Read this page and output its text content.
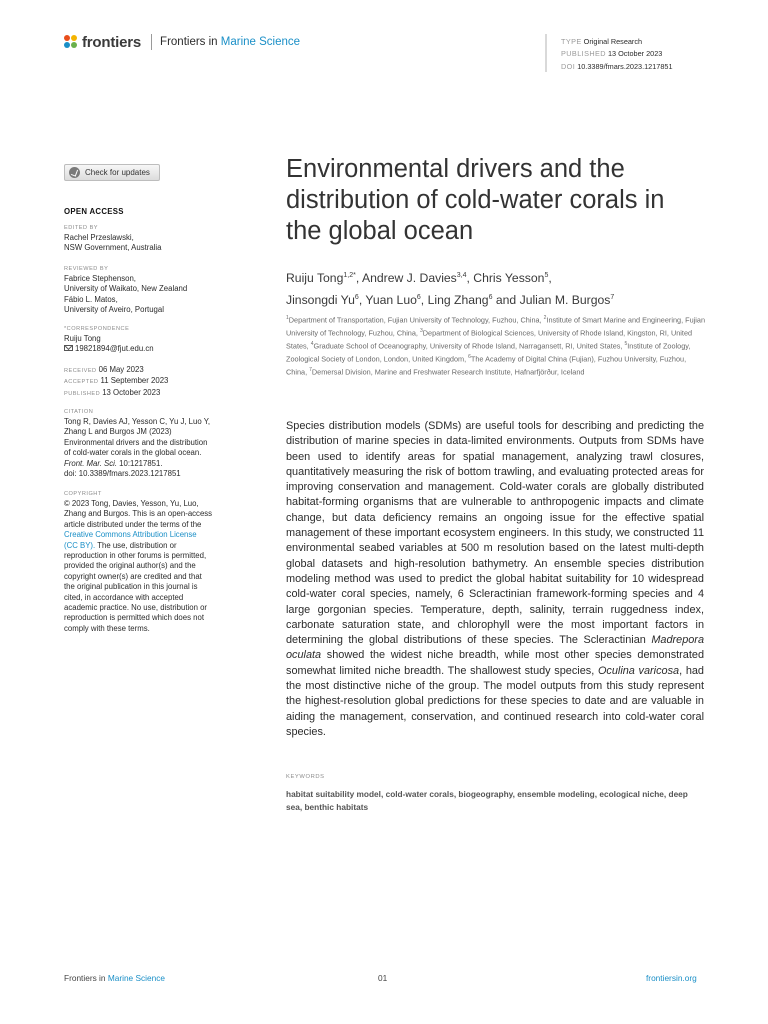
frontiers Frontiers in Marine Science	TYPE Original Research
PUBLISHED 13 October 2023
DOI 10.3389/fmars.2023.1217851
Check for updates
OPEN ACCESS
EDITED BY
Rachel Przeslawski,
NSW Government, Australia
REVIEWED BY
Fabrice Stephenson,
University of Waikato, New Zealand
Fábio L. Matos,
University of Aveiro, Portugal
*CORRESPONDENCE
Ruiju Tong
19821894@fjut.edu.cn
RECEIVED 06 May 2023
ACCEPTED 11 September 2023
PUBLISHED 13 October 2023
CITATION
Tong R, Davies AJ, Yesson C, Yu J, Luo Y,
Zhang L and Burgos JM (2023)
Environmental drivers and the distribution
of cold-water corals in the global ocean.
Front. Mar. Sci. 10:1217851.
doi: 10.3389/fmars.2023.1217851
COPYRIGHT
© 2023 Tong, Davies, Yesson, Yu, Luo,
Zhang and Burgos. This is an open-access
article distributed under the terms of the
Creative Commons Attribution License
(CC BY). The use, distribution or
reproduction in other forums is permitted,
provided the original author(s) and the
copyright owner(s) are credited and that
the original publication in this journal is
cited, in accordance with accepted
academic practice. No use, distribution or
reproduction is permitted which does not
comply with these terms.
Environmental drivers and the distribution of cold-water corals in the global ocean
Ruiju Tong$^{1,2*}$, Andrew J. Davies$^{3,4}$, Chris Yesson$^5$,
Jinsongdi Yu$^6$, Yuan Luo$^6$, Ling Zhang$^6$ and Julian M. Burgos$^7$
$^1$Department of Transportation, Fujian University of Technology, Fuzhou, China, $^2$Institute of Smart Marine and Engineering, Fujian University of Technology, Fuzhou, China, $^3$Department of Biological Sciences, University of Rhode Island, Kingston, RI, United States, $^4$Graduate School of Oceanography, University of Rhode Island, Narragansett, RI, United States, $^5$Institute of Zoology, Zoological Society of London, London, United Kingdom, $^6$The Academy of Digital China (Fujian), Fuzhou University, Fuzhou, China, $^7$Demersal Division, Marine and Freshwater Research Institute, Hafnarfjörður, Iceland
Species distribution models (SDMs) are useful tools for describing and predicting the distribution of marine species in data-limited environments. Outputs from SDMs have been used to identify areas for spatial management, analyzing trawl closures, quantitatively measuring the risk of bottom trawling, and evaluating protected areas for improving conservation and management. Cold-water corals are globally distributed habitat-forming organisms that are vulnerable to anthropogenic impacts and climate change, but data deficiency remains an ongoing issue for the effective spatial management of these important ecosystem engineers. In this study, we constructed 11 environmental seabed variables at 500 m resolution based on the latest multi-depth global datasets and high-resolution bathymetry. An ensemble species distribution modeling method was used to predict the global habitat suitability for 10 widespread cold-water coral species, namely, 6 Scleractinian framework-forming species and 4 large gorgonian species. Temperature, depth, salinity, terrain ruggedness index, carbonate saturation state, and chlorophyll were the most important factors in determining the global distributions of these species. The Scleractinian Madrepora oculata showed the widest niche breadth, while most other species demonstrated somewhat limited niche breadth. The shallowest study species, Oculina varicosa, had the most distinctive niche of the group. The model outputs from this study represent the highest-resolution global predictions for these species to date and are valuable in aiding the management, conservation, and continued research into cold-water coral species.
KEYWORDS
habitat suitability model, cold-water corals, biogeography, ensemble modeling, ecological niche, deep sea, benthic habitats
Frontiers in Marine Science	01	frontiersin.org
